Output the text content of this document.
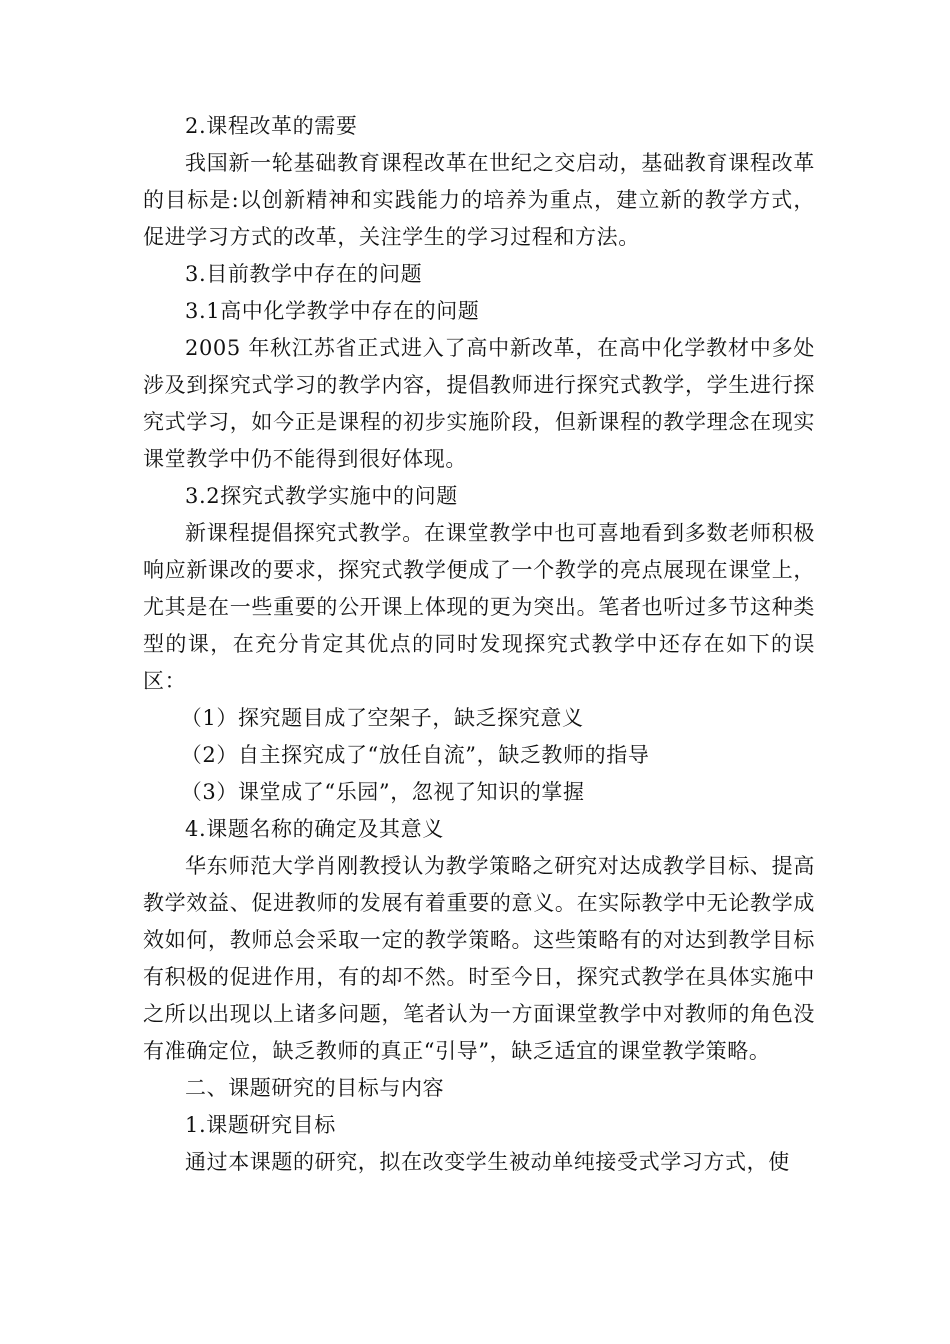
2.课程改革的需要

我国新一轮基础教育课程改革在世纪之交启动，基础教育课程改革的目标是:以创新精神和实践能力的培养为重点，建立新的教学方式，促进学习方式的改革，关注学生的学习过程和方法。

3.目前教学中存在的问题

3.1高中化学教学中存在的问题

2005 年秋江苏省正式进入了高中新改革，在高中化学教材中多处涉及到探究式学习的教学内容，提倡教师进行探究式教学，学生进行探究式学习，如今正是课程的初步实施阶段，但新课程的教学理念在现实课堂教学中仍不能得到很好体现。

3.2探究式教学实施中的问题

新课程提倡探究式教学。在课堂教学中也可喜地看到多数老师积极响应新课改的要求，探究式教学便成了一个教学的亮点展现在课堂上，尤其是在一些重要的公开课上体现的更为突出。笔者也听过多节这种类型的课，在充分肯定其优点的同时发现探究式教学中还存在如下的误区：

（1）探究题目成了空架子，缺乏探究意义

（2）自主探究成了“放任自流”，缺乏教师的指导

（3）课堂成了“乐园”，忽视了知识的掌握

4.课题名称的确定及其意义

华东师范大学肖刚教授认为教学策略之研究对达成教学目标、提高教学效益、促进教师的发展有着重要的意义。在实际教学中无论教学成效如何，教师总会采取一定的教学策略。这些策略有的对达到教学目标有积极的促进作用，有的却不然。时至今日，探究式教学在具体实施中之所以出现以上诸多问题，笔者认为一方面课堂教学中对教师的角色没有准确定位，缺乏教师的真正“引导”，缺乏适宜的课堂教学策略。

二、课题研究的目标与内容

1.课题研究目标

通过本课题的研究，拟在改变学生被动单纯接受式学习方式，使
